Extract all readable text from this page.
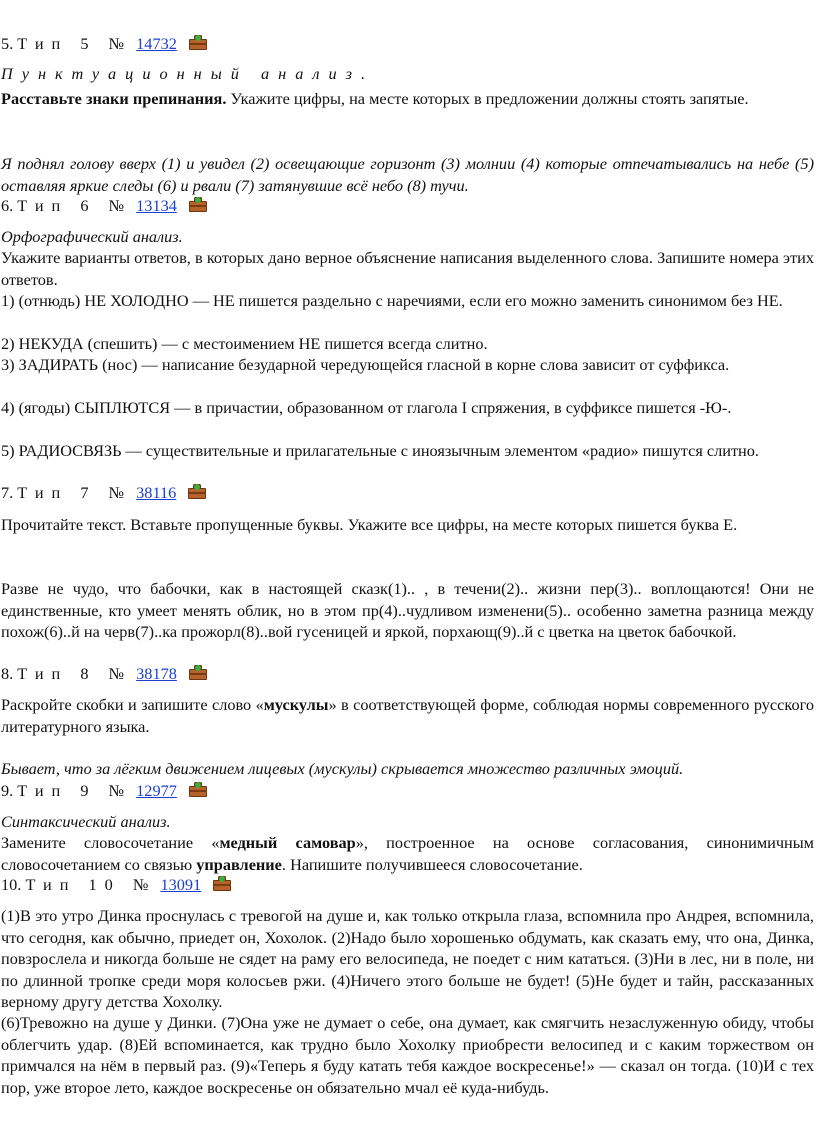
5. Тип 5 № 14732
Пунктуационный анализ.
Расставьте знаки препинания. Укажите цифры, на месте которых в предложении должны стоять запятые.
Я поднял голову вверх (1) и увидел (2) освещающие горизонт (3) молнии (4) которые отпечатывались на небе (5) оставляя яркие следы (6) и рвали (7) затянувшие всё небо (8) тучи.
6. Тип 6 № 13134
Орфографический анализ.
Укажите варианты ответов, в которых дано верное объяснение написания выделенного слова. Запишите номера этих ответов.
1) (отнюдь) НЕ ХОЛОДНО — НЕ пишется раздельно с наречиями, если его можно заменить синонимом без НЕ.
2) НЕКУДА (спешить) — с местоимением НЕ пишется всегда слитно.
3) ЗАДИРАТЬ (нос) — написание безударной чередующейся гласной в корне слова зависит от суффикса.
4) (ягоды) СЫПЛЮТСЯ — в причастии, образованном от глагола I спряжения, в суффиксе пишется -Ю-.
5) РАДИОСВЯЗЬ — существительные и прилагательные с иноязычным элементом «радио» пишутся слитно.
7. Тип 7 № 38116
Прочитайте текст. Вставьте пропущенные буквы. Укажите все цифры, на месте которых пишется буква Е.
Разве не чудо, что бабочки, как в настоящей сказк(1).. , в течени(2).. жизни пер(3).. воплощаются! Они не единственные, кто умеет менять облик, но в этом пр(4)..чудливом изменени(5).. особенно заметна разница между похож(6)..й на черв(7)..ка прожорл(8)..вой гусеницей и яркой, порхающ(9)..й с цветка на цветок бабочкой.
8. Тип 8 № 38178
Раскройте скобки и запишите слово «мускулы» в соответствующей форме, соблюдая нормы современного русского литературного языка.
Бывает, что за лёгким движением лицевых (мускулы) скрывается множество различных эмоций.
9. Тип 9 № 12977
Синтаксический анализ.
Замените словосочетание «медный самовар», построенное на основе согласования, синонимичным словосочетанием со связью управление. Напишите получившееся словосочетание.
10. Тип 10 № 13091
(1)В это утро Динка проснулась с тревогой на душе и, как только открыла глаза, вспомнила про Андрея, вспомнила, что сегодня, как обычно, приедет он, Хохолок. (2)Надо было хорошенько обдумать, как сказать ему, что она, Динка, повзрослела и никогда больше не сядет на раму его велосипеда, не поедет с ним кататься. (3)Ни в лес, ни в поле, ни по длинной тропке среди моря колосьев ржи. (4)Ничего этого больше не будет! (5)Не будет и тайн, рассказанных верному другу детства Хохолку.
(6)Тревожно на душе у Динки. (7)Она уже не думает о себе, она думает, как смягчить незаслуженную обиду, чтобы облегчить удар. (8)Ей вспоминается, как трудно было Хохолку приобрести велосипед и с каким торжеством он примчался на нём в первый раз. (9)«Теперь я буду катать тебя каждое воскресенье!» — сказал он тогда. (10)И с тех пор, уже второе лето, каждое воскресенье он обязательно мчал её куда-нибудь.
